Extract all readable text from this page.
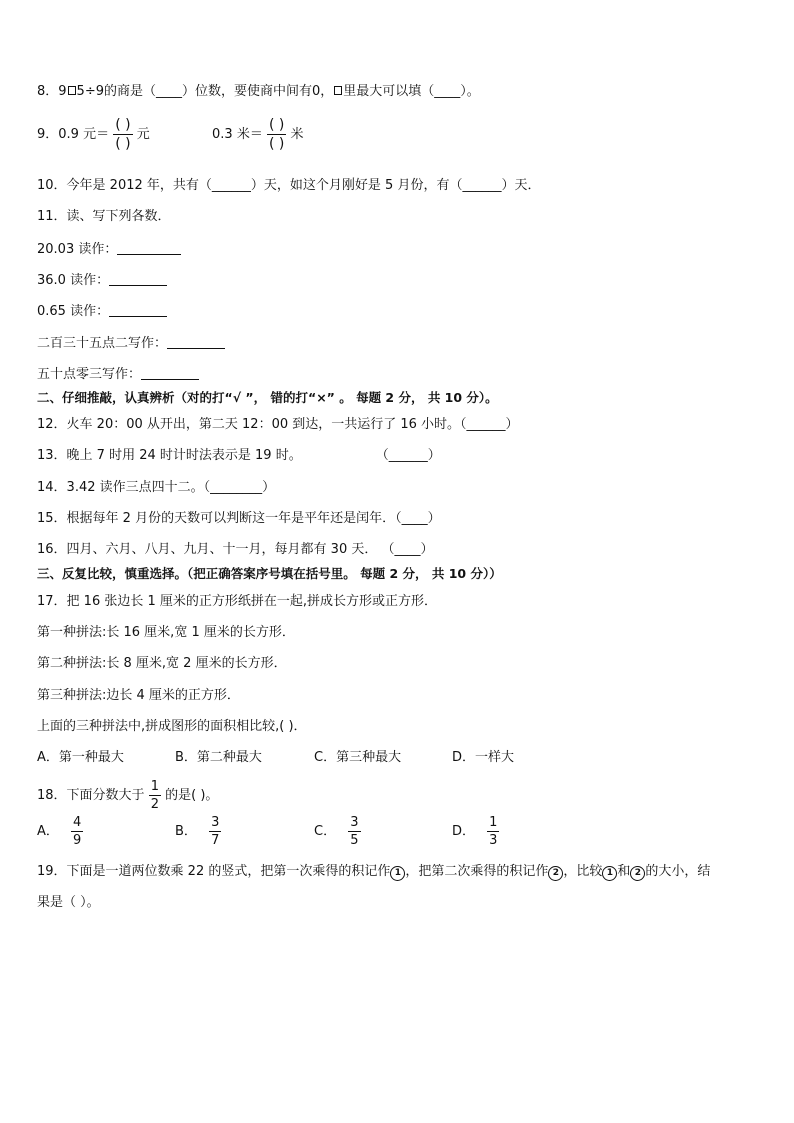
8．9 5÷9的商是（____）位数，要使商中间有0， 里最大可以填（____）。
9．0.9 元＝ $\frac{( )}{( )}$ 元	0.3 米＝ $\frac{( )}{( )}$ 米
10．今年是 2012 年，共有（______）天，如这个月刚好是 5 月份，有（______）天．
11．读、写下列各数．
20.03 读作：
36.0 读作：
0.65 读作：
二百三十五点二写作：
五十点零三写作：
二、仔细推敲，认真辨析（对的打“√ ”， 错的打“×” 。 每题 2 分， 共 10 分）。
12．火车 20：00 从开出，第二天 12：00 到达，一共运行了 16 小时。（______）
13．晚上 7 时用 24 时计时法表示是 19 时。	（______）
14．3.42 读作三点四十二。（________）
15．根据每年 2 月份的天数可以判断这一年是平年还是闰年．（____）
16．四月、六月、八月、九月、十一月，每月都有 30 天． （____）
三、反复比较，慎重选择。（把正确答案序号填在括号里。 每题 2 分， 共 10 分））
17．把 16 张边长 1 厘米的正方形纸拼在一起,拼成长方形或正方形．
第一种拼法:长 16 厘米,宽 1 厘米的长方形．
第二种拼法:长 8 厘米,宽 2 厘米的长方形．
第三种拼法:边长 4 厘米的正方形．
上面的三种拼法中,拼成图形的面积相比较,( )．
A．第一种最大	B．第二种最大	C．第三种最大	D．一样大
18．下面分数大于 $\frac{1}{2}$ 的是( )。
A． $\frac{4}{9}$	B． $\frac{3}{7}$	C． $\frac{3}{5}$	D． $\frac{1}{3}$
19．下面是一道两位数乘 22 的竖式，把第一次乘得的积记作 1 ，把第二次乘得的积记作 2 ，比较 1 和 2 的大小，结
果是（ ）。
